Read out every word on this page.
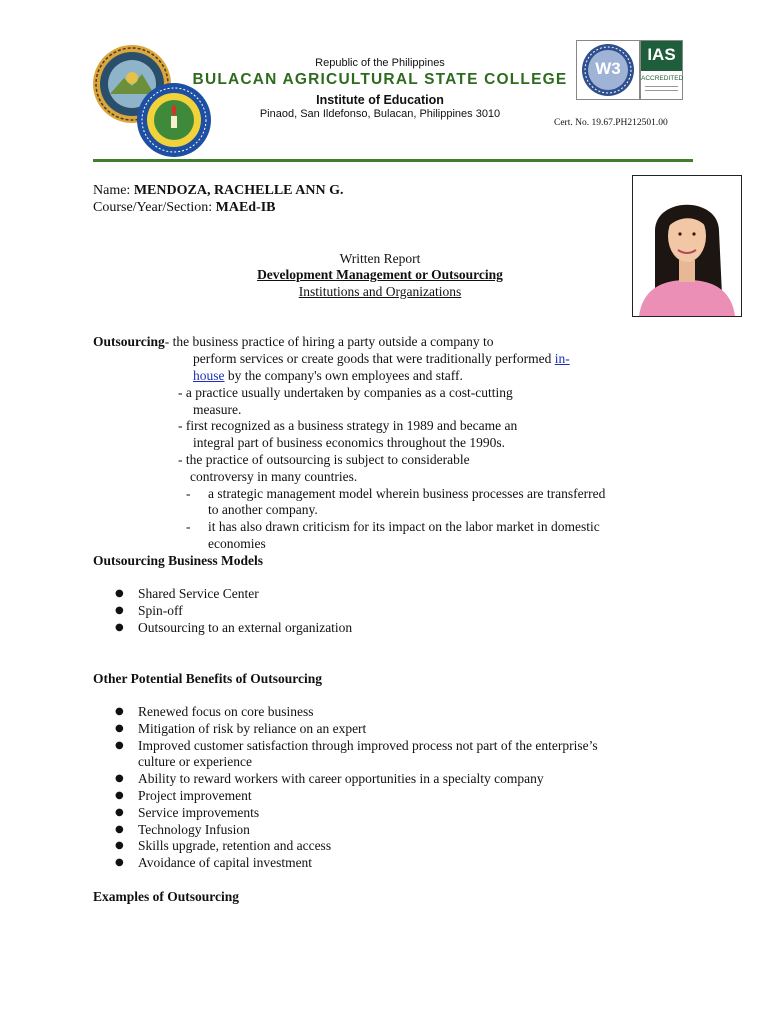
Republic of the Philippines
BULACAN AGRICULTURAL STATE COLLEGE
Institute of Education
Pinaod, San Ildefonso, Bulacan, Philippines 3010
W3
IAS
ACCREDITED
Cert. No. 19.67.PH212501.00
Name: MENDOZA, RACHELLE ANN G.
Course/Year/Section: MAEd-IB
Written Report
Development Management or Outsourcing
Institutions and Organizations
Outsourcing- the business practice of hiring a party outside a company to
perform services or create goods that were traditionally performed in-
house by the company's own employees and staff.
- a practice usually undertaken by companies as a cost-cutting
measure.
- first recognized as a business strategy in 1989 and became an
integral part of business economics throughout the 1990s.
- the practice of outsourcing is subject to considerable
controversy in many countries.
- a strategic management model wherein business processes are transferred
to another company.
- it has also drawn criticism for its impact on the labor market in domestic
economies
Outsourcing Business Models
● Shared Service Center
● Spin-off
● Outsourcing to an external organization
Other Potential Benefits of Outsourcing
● Renewed focus on core business
● Mitigation of risk by reliance on an expert
● Improved customer satisfaction through improved process not part of the enterprise’s
culture or experience
● Ability to reward workers with career opportunities in a specialty company
● Project improvement
● Service improvements
● Technology Infusion
● Skills upgrade, retention and access
● Avoidance of capital investment
Examples of Outsourcing
